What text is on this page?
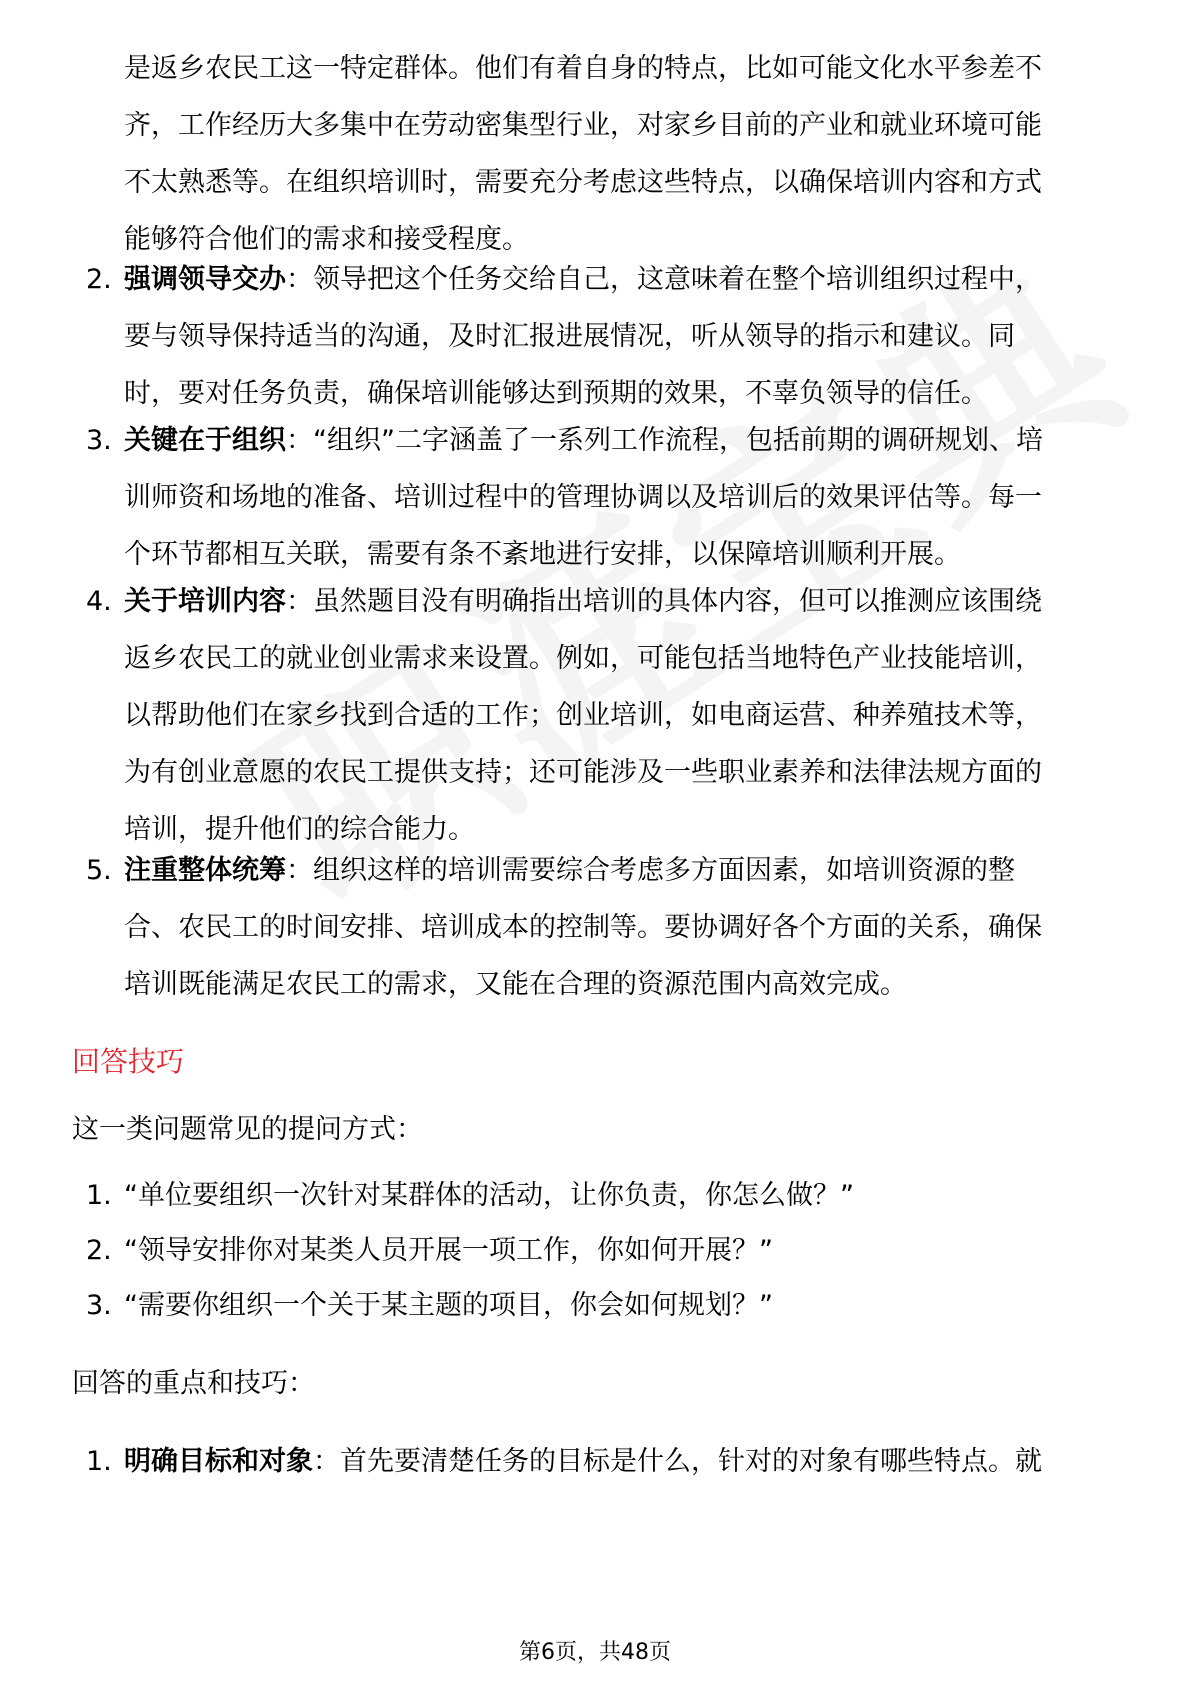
是返乡农民工这一特定群体。他们有着自身的特点，比如可能文化水平参差不
齐，工作经历大多集中在劳动密集型行业，对家乡目前的产业和就业环境可能
不太熟悉等。在组织培训时，需要充分考虑这些特点，以确保培训内容和方式
能够符合他们的需求和接受程度。
2. 强调领导交办：领导把这个任务交给自己，这意味着在整个培训组织过程中，
要与领导保持适当的沟通，及时汇报进展情况，听从领导的指示和建议。同
时，要对任务负责，确保培训能够达到预期的效果，不辜负领导的信任。
3. 关键在于组织：“组织”二字涵盖了一系列工作流程，包括前期的调研规划、培
训师资和场地的准备、培训过程中的管理协调以及培训后的效果评估等。每一
个环节都相互关联，需要有条不紊地进行安排，以保障培训顺利开展。
4. 关于培训内容：虽然题目没有明确指出培训的具体内容，但可以推测应该围绕
返乡农民工的就业创业需求来设置。例如，可能包括当地特色产业技能培训，
以帮助他们在家乡找到合适的工作；创业培训，如电商运营、种养殖技术等，
为有创业意愿的农民工提供支持；还可能涉及一些职业素养和法律法规方面的
培训，提升他们的综合能力。
5. 注重整体统筹：组织这样的培训需要综合考虑多方面因素，如培训资源的整
合、农民工的时间安排、培训成本的控制等。要协调好各个方面的关系，确保
培训既能满足农民工的需求，又能在合理的资源范围内高效完成。
回答技巧
这一类问题常见的提问方式：
1. “单位要组织一次针对某群体的活动，让你负责，你怎么做？”
2. “领导安排你对某类人员开展一项工作，你如何开展？”
3. “需要你组织一个关于某主题的项目，你会如何规划？”
回答的重点和技巧：
1. 明确目标和对象：首先要清楚任务的目标是什么，针对的对象有哪些特点。就
第6页，共48页
